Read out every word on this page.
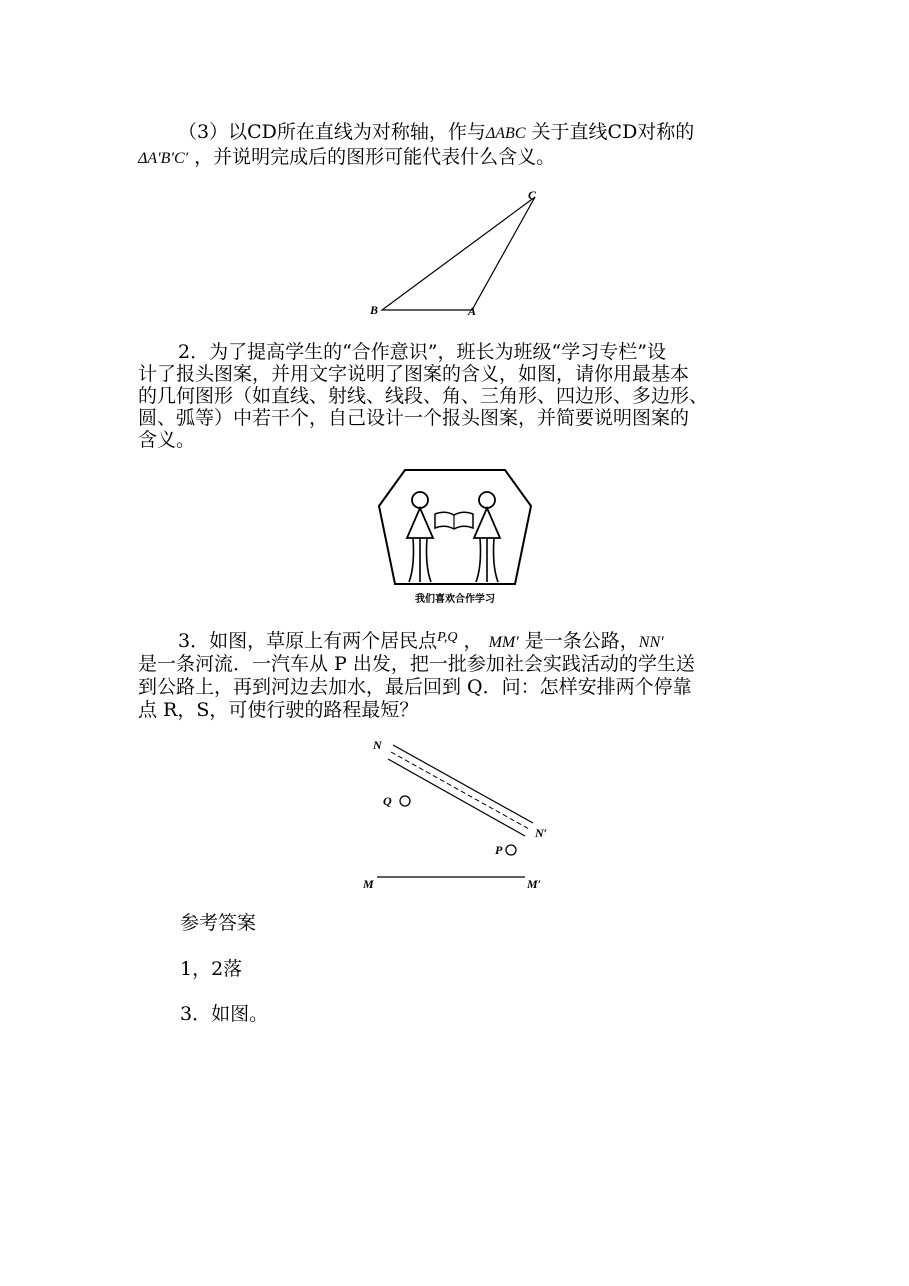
（3）以CD所在直线为对称轴，作与ΔABC 关于直线CD对称的
ΔA′B′C′ ，并说明完成后的图形可能代表什么含义。
C
B	A
2．为了提高学生的“合作意识”，班长为班级“学习专栏”设
计了报头图案，并用文字说明了图案的含义，如图，请你用最基本
的几何图形（如直线、射线、线段、角、三角形、四边形、多边形、
圆、弧等）中若干个，自己设计一个报头图案，并简要说明图案的
含义。
我们喜欢合作学习
3．如图，草原上有两个居民点$^{P,Q}$ ， MM′ 是一条公路，NN′
是一条河流．一汽车从 P 出发，把一批参加社会实践活动的学生送
到公路上，再到河边去加水，最后回到 Q．问：怎样安排两个停靠
点 R，S，可使行驶的路程最短？
N
N′
Q
P
M	M′
参考答案
1，2落
3．如图。
